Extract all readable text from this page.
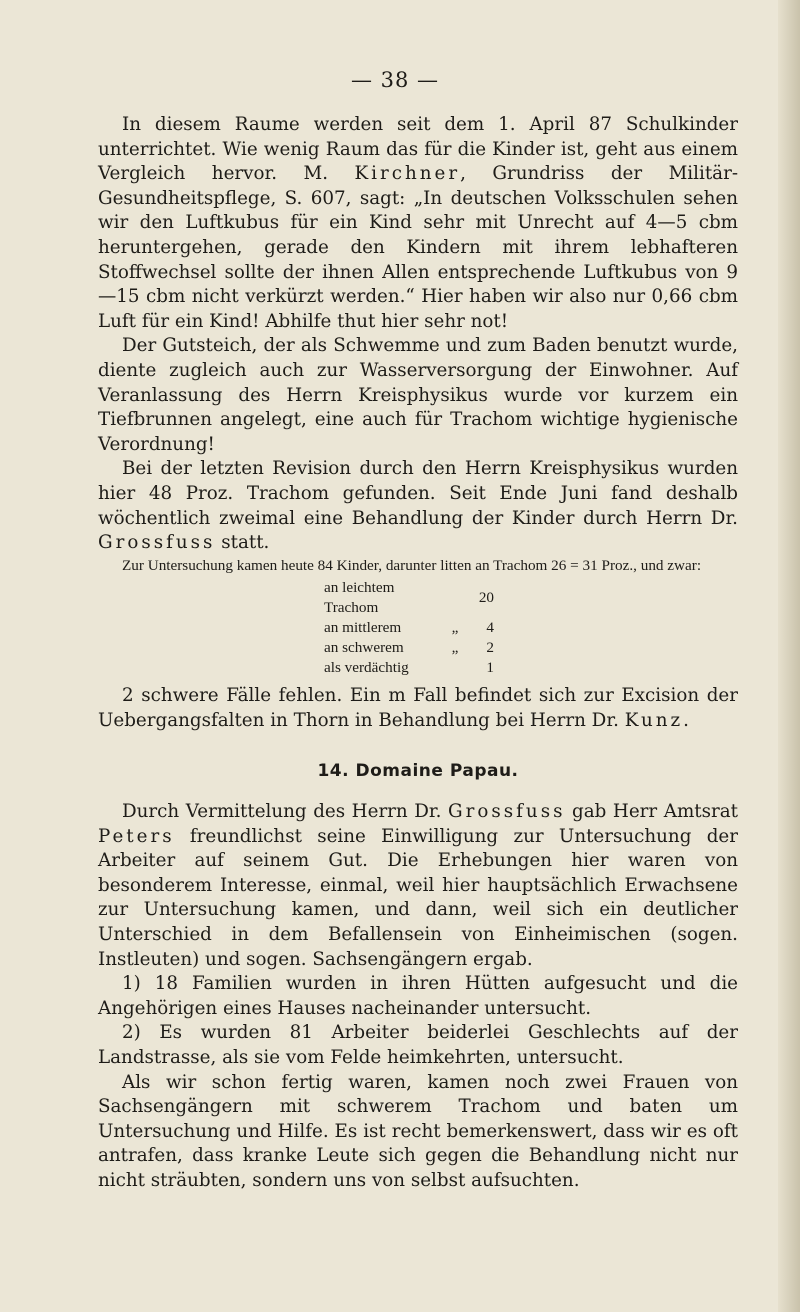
— 38 —

In diesem Raume werden seit dem 1. April 87 Schulkinder unterrichtet. Wie wenig Raum das für die Kinder ist, geht aus einem Vergleich hervor. M. Kirchner, Grundriss der Militär-Gesundheitspflege, S. 607, sagt: „In deutschen Volksschulen sehen wir den Luftkubus für ein Kind sehr mit Unrecht auf 4—5 cbm heruntergehen, gerade den Kindern mit ihrem lebhafteren Stoffwechsel sollte der ihnen Allen entsprechende Luftkubus von 9—15 cbm nicht verkürzt werden.“ Hier haben wir also nur 0,66 cbm Luft für ein Kind! Abhilfe thut hier sehr not!

Der Gutsteich, der als Schwemme und zum Baden benutzt wurde, diente zugleich auch zur Wasserversorgung der Einwohner. Auf Veranlassung des Herrn Kreisphysikus wurde vor kurzem ein Tiefbrunnen angelegt, eine auch für Trachom wichtige hygienische Verordnung!

Bei der letzten Revision durch den Herrn Kreisphysikus wurden hier 48 Proz. Trachom gefunden. Seit Ende Juni fand deshalb wöchentlich zweimal eine Behandlung der Kinder durch Herrn Dr. Grossfuss statt.

Zur Untersuchung kamen heute 84 Kinder, darunter litten an Trachom 26 = 31 Proz., und zwar:

an leichtem Trachom		20
an mittlerem	„	4
an schwerem	„	2
als verdächtig		1

2 schwere Fälle fehlen. Ein m Fall befindet sich zur Excision der Uebergangsfalten in Thorn in Behandlung bei Herrn Dr. Kunz.

14. Domaine Papau.

Durch Vermittelung des Herrn Dr. Grossfuss gab Herr Amtsrat Peters freundlichst seine Einwilligung zur Untersuchung der Arbeiter auf seinem Gut. Die Erhebungen hier waren von besonderem Interesse, einmal, weil hier hauptsächlich Erwachsene zur Untersuchung kamen, und dann, weil sich ein deutlicher Unterschied in dem Befallensein von Einheimischen (sogen. Instleuten) und sogen. Sachsengängern ergab.

1) 18 Familien wurden in ihren Hütten aufgesucht und die Angehörigen eines Hauses nacheinander untersucht.

2) Es wurden 81 Arbeiter beiderlei Geschlechts auf der Landstrasse, als sie vom Felde heimkehrten, untersucht.

Als wir schon fertig waren, kamen noch zwei Frauen von Sachsengängern mit schwerem Trachom und baten um Untersuchung und Hilfe. Es ist recht bemerkenswert, dass wir es oft antrafen, dass kranke Leute sich gegen die Behandlung nicht nur nicht sträubten, sondern uns von selbst aufsuchten.
